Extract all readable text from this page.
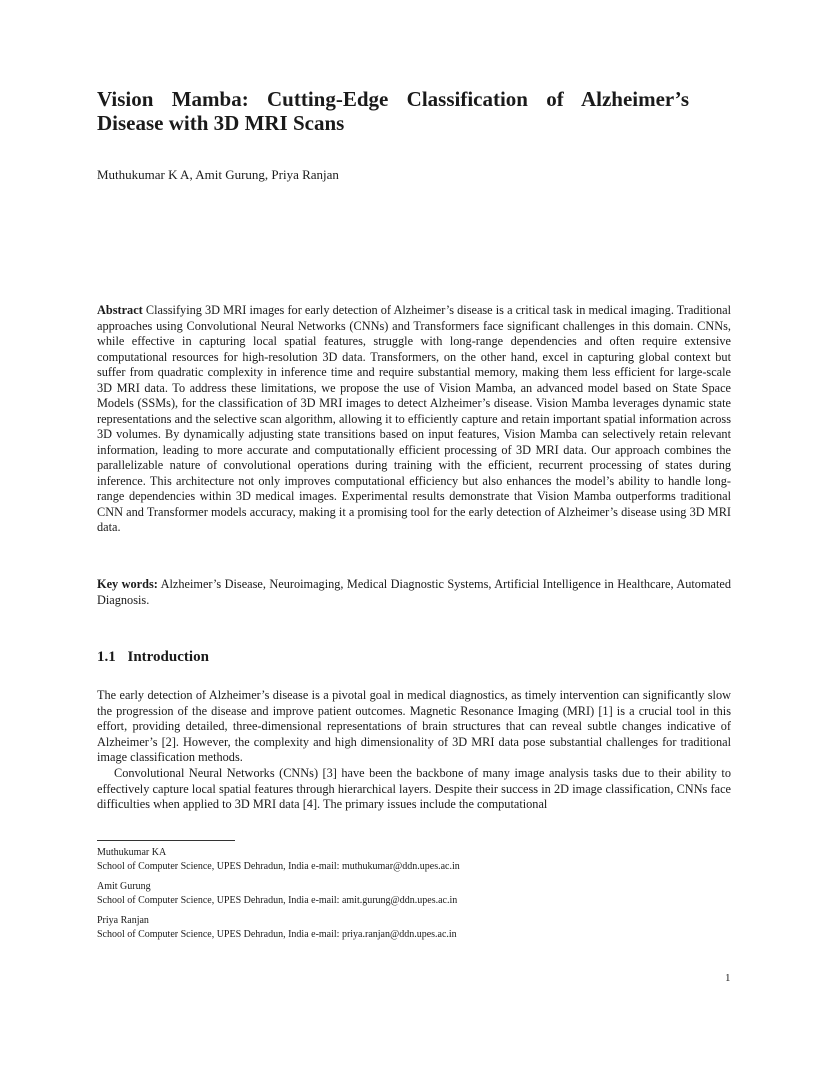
Vision Mamba: Cutting-Edge Classification of Alzheimer’s
Disease with 3D MRI Scans

Muthukumar K A, Amit Gurung, Priya Ranjan

Abstract Classifying 3D MRI images for early detection of Alzheimer’s disease is a critical task in medical imaging. Traditional approaches using Convolutional Neural Networks (CNNs) and Transformers face significant challenges in this domain. CNNs, while effective in capturing local spatial features, struggle with long-range dependencies and often require extensive computational resources for high-resolution 3D data. Transformers, on the other hand, excel in capturing global context but suffer from quadratic complexity in inference time and require substantial memory, making them less efficient for large-scale 3D MRI data. To address these limitations, we propose the use of Vision Mamba, an advanced model based on State Space Models (SSMs), for the classification of 3D MRI images to detect Alzheimer’s disease. Vision Mamba leverages dynamic state representations and the selective scan algorithm, allowing it to efficiently capture and retain important spatial information across 3D volumes. By dynamically adjusting state transitions based on input features, Vision Mamba can selectively retain relevant information, leading to more accurate and computationally efficient processing of 3D MRI data. Our approach combines the parallelizable nature of convolutional operations during training with the efficient, recurrent processing of states during inference. This architecture not only improves computational efficiency but also enhances the model’s ability to handle long-range dependencies within 3D medical images. Experimental results demonstrate that Vision Mamba outperforms traditional CNN and Transformer models accuracy, making it a promising tool for the early detection of Alzheimer’s disease using 3D MRI data.

Key words: Alzheimer’s Disease, Neuroimaging, Medical Diagnostic Systems, Artificial Intelligence in Healthcare, Automated Diagnosis.

1.1 Introduction

The early detection of Alzheimer’s disease is a pivotal goal in medical diagnostics, as timely intervention can significantly slow the progression of the disease and improve patient outcomes. Magnetic Resonance Imaging (MRI) [1] is a crucial tool in this effort, providing detailed, three-dimensional representations of brain structures that can reveal subtle changes indicative of Alzheimer’s [2]. However, the complexity and high dimensionality of 3D MRI data pose substantial challenges for traditional image classification methods.

Convolutional Neural Networks (CNNs) [3] have been the backbone of many image analysis tasks due to their ability to effectively capture local spatial features through hierarchical layers. Despite their success in 2D image classification, CNNs face difficulties when applied to 3D MRI data [4]. The primary issues include the computational

Muthukumar KA
School of Computer Science, UPES Dehradun, India e-mail: muthukumar@ddn.upes.ac.in
Amit Gurung
School of Computer Science, UPES Dehradun, India e-mail: amit.gurung@ddn.upes.ac.in
Priya Ranjan
School of Computer Science, UPES Dehradun, India e-mail: priya.ranjan@ddn.upes.ac.in
1
